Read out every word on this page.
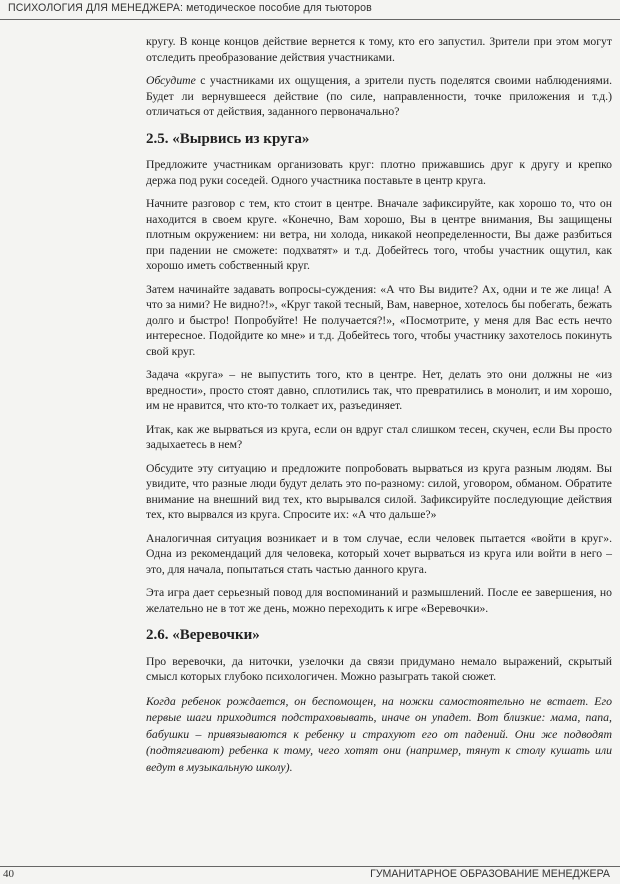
ПСИХОЛОГИЯ ДЛЯ МЕНЕДЖЕРА: методическое пособие для тьюторов

кругу. В конце концов действие вернется к тому, кто его запустил. Зрители при этом могут отследить преобразование действия участниками.

Обсудите с участниками их ощущения, а зрители пусть поделятся своими наблюдениями. Будет ли вернувшееся действие (по силе, направленности, точке приложения и т.д.) отличаться от действия, заданного первоначально?

2.5. «Вырвись из круга»

Предложите участникам организовать круг: плотно прижавшись друг к другу и крепко держа под руки соседей. Одного участника поставьте в центр круга.

Начните разговор с тем, кто стоит в центре. Вначале зафиксируйте, как хорошо то, что он находится в своем круге. «Конечно, Вам хорошо, Вы в центре внимания, Вы защищены плотным окружением: ни ветра, ни холода, никакой неопределенности, Вы даже разбиться при падении не сможете: подхватят» и т.д. Добейтесь того, чтобы участник ощутил, как хорошо иметь собственный круг.

Затем начинайте задавать вопросы-суждения: «А что Вы видите? Ах, одни и те же лица! А что за ними? Не видно?!», «Круг такой тесный, Вам, наверное, хотелось бы побегать, бежать долго и быстро! Попробуйте! Не получается?!», «Посмотрите, у меня для Вас есть нечто интересное. Подойдите ко мне» и т.д. Добейтесь того, чтобы участнику захотелось покинуть свой круг.

Задача «круга» – не выпустить того, кто в центре. Нет, делать это они должны не «из вредности», просто стоят давно, сплотились так, что превратились в монолит, и им хорошо, им не нравится, что кто-то толкает их, разъединяет.

Итак, как же вырваться из круга, если он вдруг стал слишком тесен, скучен, если Вы просто задыхаетесь в нем?

Обсудите эту ситуацию и предложите попробовать вырваться из круга разным людям. Вы увидите, что разные люди будут делать это по-разному: силой, уговором, обманом. Обратите внимание на внешний вид тех, кто вырывался силой. Зафиксируйте последующие действия тех, кто вырвался из круга. Спросите их: «А что дальше?»

Аналогичная ситуация возникает и в том случае, если человек пытается «войти в круг». Одна из рекомендаций для человека, который хочет вырваться из круга или войти в него – это, для начала, попытаться стать частью данного круга.

Эта игра дает серьезный повод для воспоминаний и размышлений. После ее завершения, но желательно не в тот же день, можно переходить к игре «Веревочки».

2.6. «Веревочки»

Про веревочки, да ниточки, узелочки да связи придумано немало выражений, скрытый смысл которых глубоко психологичен. Можно разыграть такой сюжет.

Когда ребенок рождается, он беспомощен, на ножки самостоятельно не встает. Его первые шаги приходится подстраховывать, иначе он упадет. Вот близкие: мама, папа, бабушки – привязываются к ребенку и страхуют его от падений. Они же подводят (подтягивают) ребенка к тому, чего хотят они (например, тянут к столу кушать или ведут в музыкальную школу).

40	ГУМАНИТАРНОЕ ОБРАЗОВАНИЕ МЕНЕДЖЕРА
